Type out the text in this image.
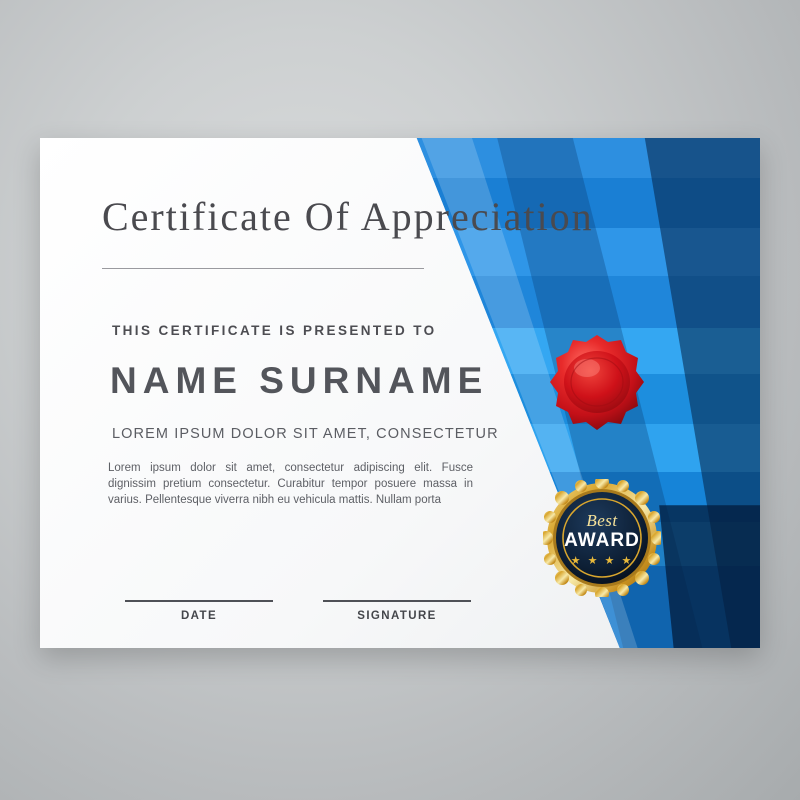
Certificate Of Appreciation
THIS CERTIFICATE IS PRESENTED TO
NAME SURNAME
LOREM IPSUM DOLOR SIT AMET, CONSECTETUR
Lorem ipsum dolor sit amet, consectetur adipiscing elit. Fusce dignissim pretium consectetur. Curabitur tempor posuere massa in varius. Pellentesque viverra nibh eu vehicula mattis. Nullam porta
DATE	SIGNATURE
Best
AWARD
★ ★ ★ ★
